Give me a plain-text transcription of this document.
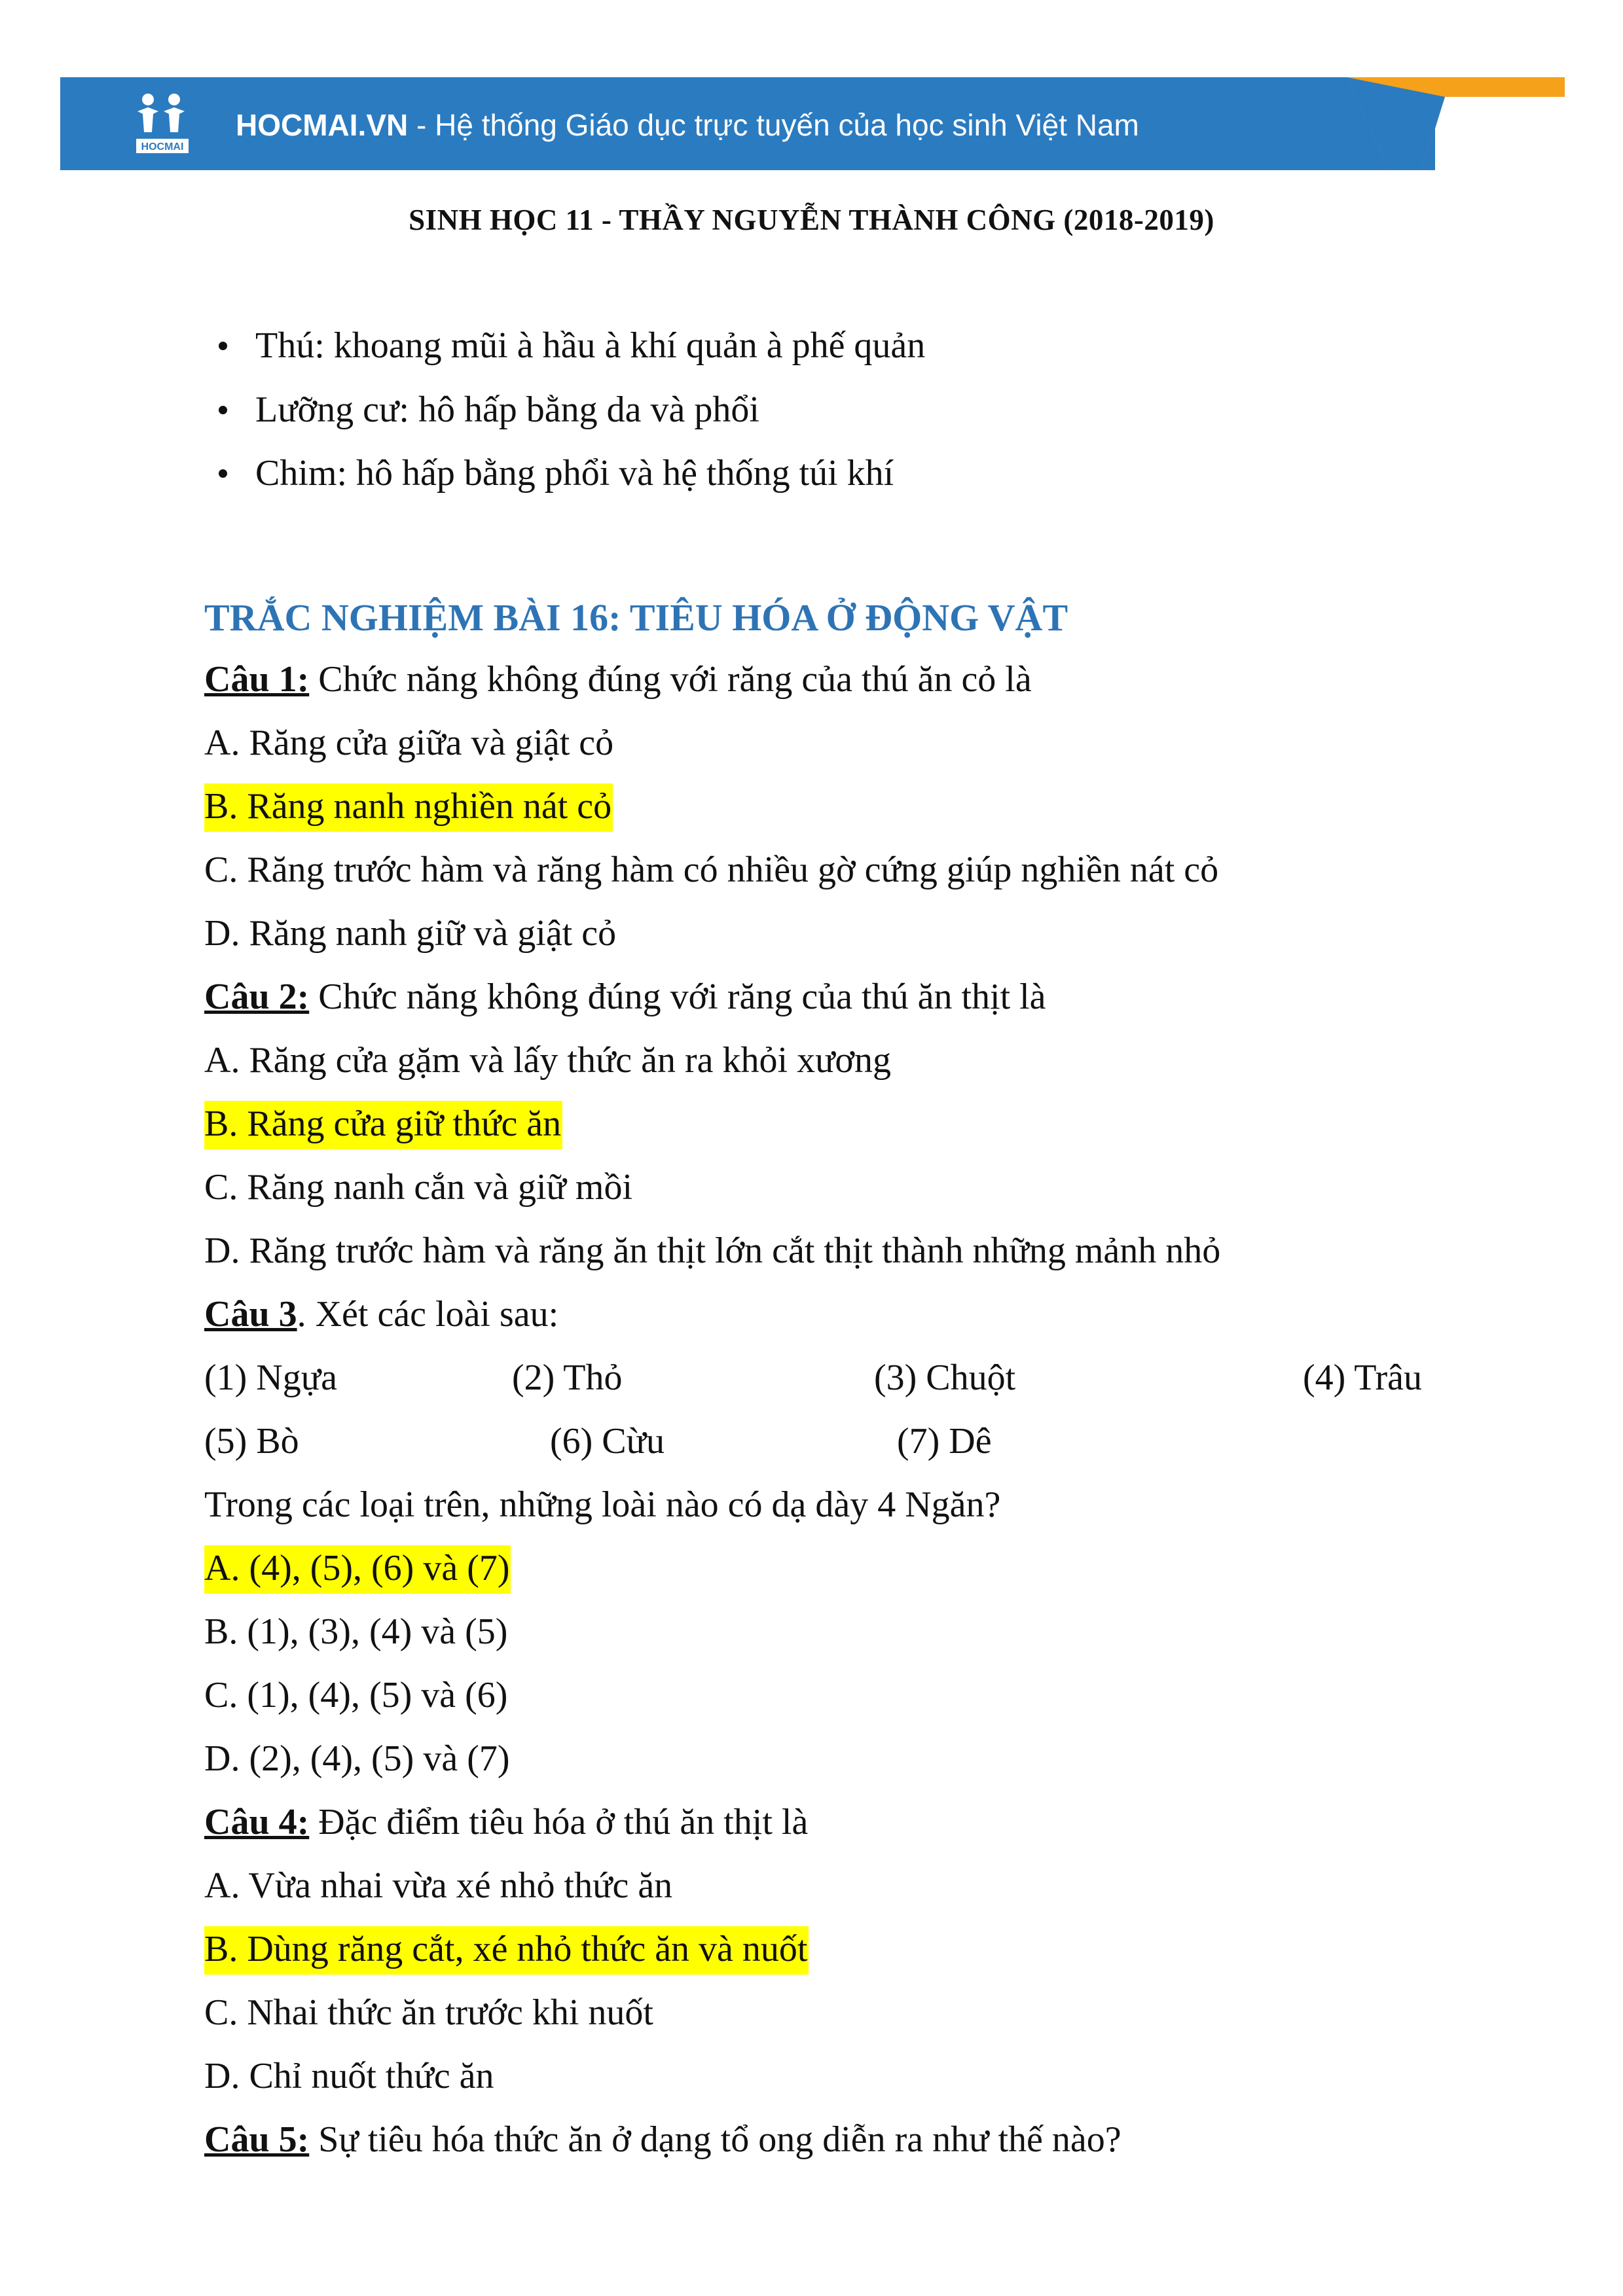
HOCMAI
HOCMAI.VN - Hệ thống Giáo dục trực tuyến của học sinh Việt Nam
SINH HỌC 11 - THẦY NGUYỄN THÀNH CÔNG (2018-2019)
Thú: khoang mũi à hầu à khí quản à phế quản
Lưỡng cư: hô hấp bằng da và phổi
Chim: hô hấp bằng phổi và hệ thống túi khí
TRẮC NGHIỆM BÀI 16: TIÊU HÓA Ở ĐỘNG VẬT
Câu 1: Chức năng không đúng với răng của thú ăn cỏ là
A. Răng cửa giữa và giật cỏ
B. Răng nanh nghiền nát cỏ
C. Răng trước hàm và răng hàm có nhiều gờ cứng giúp nghiền nát cỏ
D. Răng nanh giữ và giật cỏ
Câu 2: Chức năng không đúng với răng của thú ăn thịt là
A. Răng cửa gặm và lấy thức ăn ra khỏi xương
B. Răng cửa giữ thức ăn
C. Răng nanh cắn và giữ mồi
D. Răng trước hàm và răng ăn thịt lớn cắt thịt thành những mảnh nhỏ
Câu 3. Xét các loài sau:
(1) Ngựa	(2) Thỏ	(3) Chuột	(4) Trâu
(5) Bò	(6) Cừu	(7) Dê
Trong các loại trên, những loài nào có dạ dày 4 Ngăn?
A. (4), (5), (6) và (7)
B. (1), (3), (4) và (5)
C. (1), (4), (5) và (6)
D. (2), (4), (5) và (7)
Câu 4: Đặc điểm tiêu hóa ở thú ăn thịt là
A. Vừa nhai vừa xé nhỏ thức ăn
B. Dùng răng cắt, xé nhỏ thức ăn và nuốt
C. Nhai thức ăn trước khi nuốt
D. Chỉ nuốt thức ăn
Câu 5: Sự tiêu hóa thức ăn ở dạng tổ ong diễn ra như thế nào?
